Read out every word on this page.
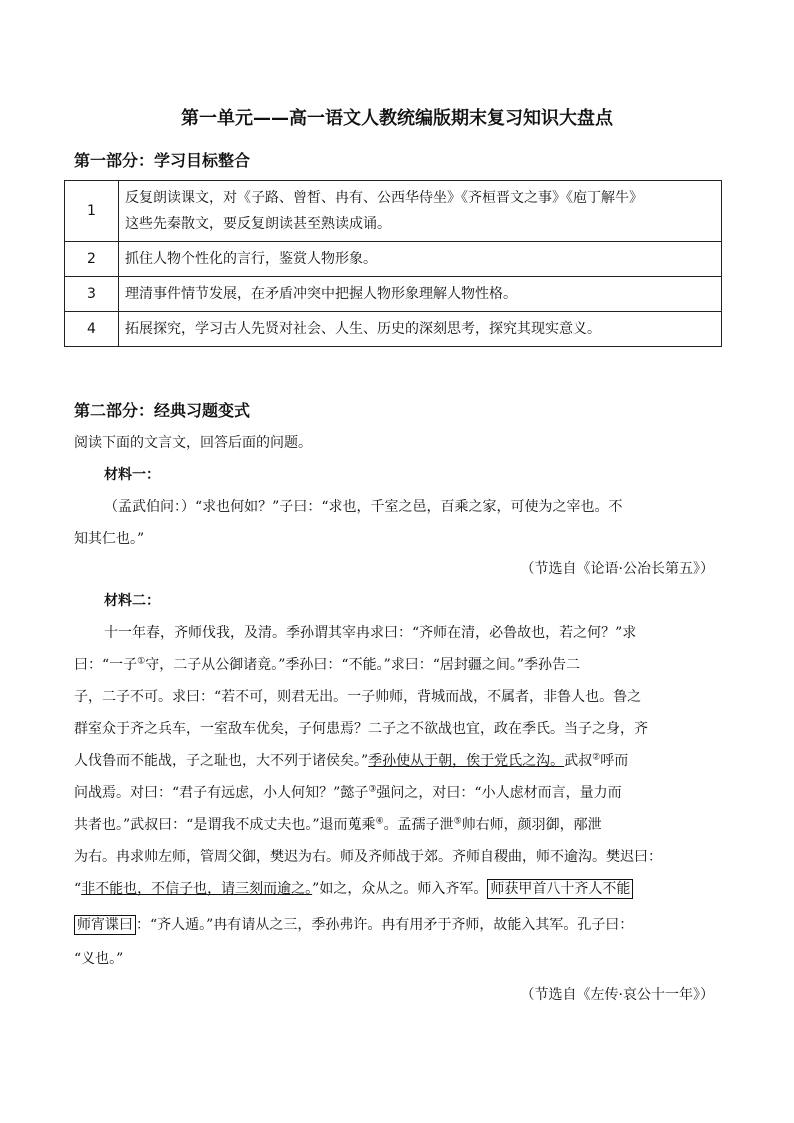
第一单元——高一语文人教统编版期末复习知识大盘点
第一部分：学习目标整合
1	反复朗读课文，对《子路、曾皙、冉有、公西华侍坐》《齐桓晋文之事》《庖丁解牛》
这些先秦散文，要反复朗读甚至熟读成诵。

2	抓住人物个性化的言行，鉴赏人物形象。
3	理清事件情节发展，在矛盾冲突中把握人物形象理解人物性格。
4	拓展探究，学习古人先贤对社会、人生、历史的深刻思考，探究其现实意义。
第二部分：经典习题变式
阅读下面的文言文，回答后面的问题。
材料一：
（孟武伯问：）“求也何如？”子曰：“求也，千室之邑，百乘之家，可使为之宰也。不
知其仁也。”
（节选自《论语·公冶长第五》）
材料二：
十一年春，齐师伐我，及清。季孙谓其宰冉求曰：“齐师在清，必鲁故也，若之何？”求
曰：“一子①守，二子从公御诸竟。”季孙曰：“不能。”求曰：“居封疆之间。”季孙告二
子，二子不可。求曰：“若不可，则君无出。一子帅师，背城而战，不属者，非鲁人也。鲁之
群室众于齐之兵车，一室敌车优矣，子何患焉？二子之不欲战也宜，政在季氏。当子之身，齐
人伐鲁而不能战，子之耻也，大不列于诸侯矣。”季孙使从于朝，俟于党氏之沟。武叔②呼而
问战焉。对曰：“君子有远虑，小人何知？”懿子③强问之，对曰：“小人虑材而言，量力而
共者也。”武叔曰：“是谓我不成丈夫也。”退而蒐乘④。孟孺子泄⑤帅右师，颜羽御，邴泄
为右。冉求帅左师，管周父御，樊迟为右。师及齐师战于郊。齐师自稷曲，师不逾沟。樊迟曰：
“非不能也，不信子也，请三刻而逾之。”如之，众从之。师入齐军。 师获甲首八十齐人不能
师宵谍曰 ：“齐人遁。”冉有请从之三，季孙弗许。冉有用矛于齐师，故能入其军。孔子曰：
“义也。”
（节选自《左传·哀公十一年》）
